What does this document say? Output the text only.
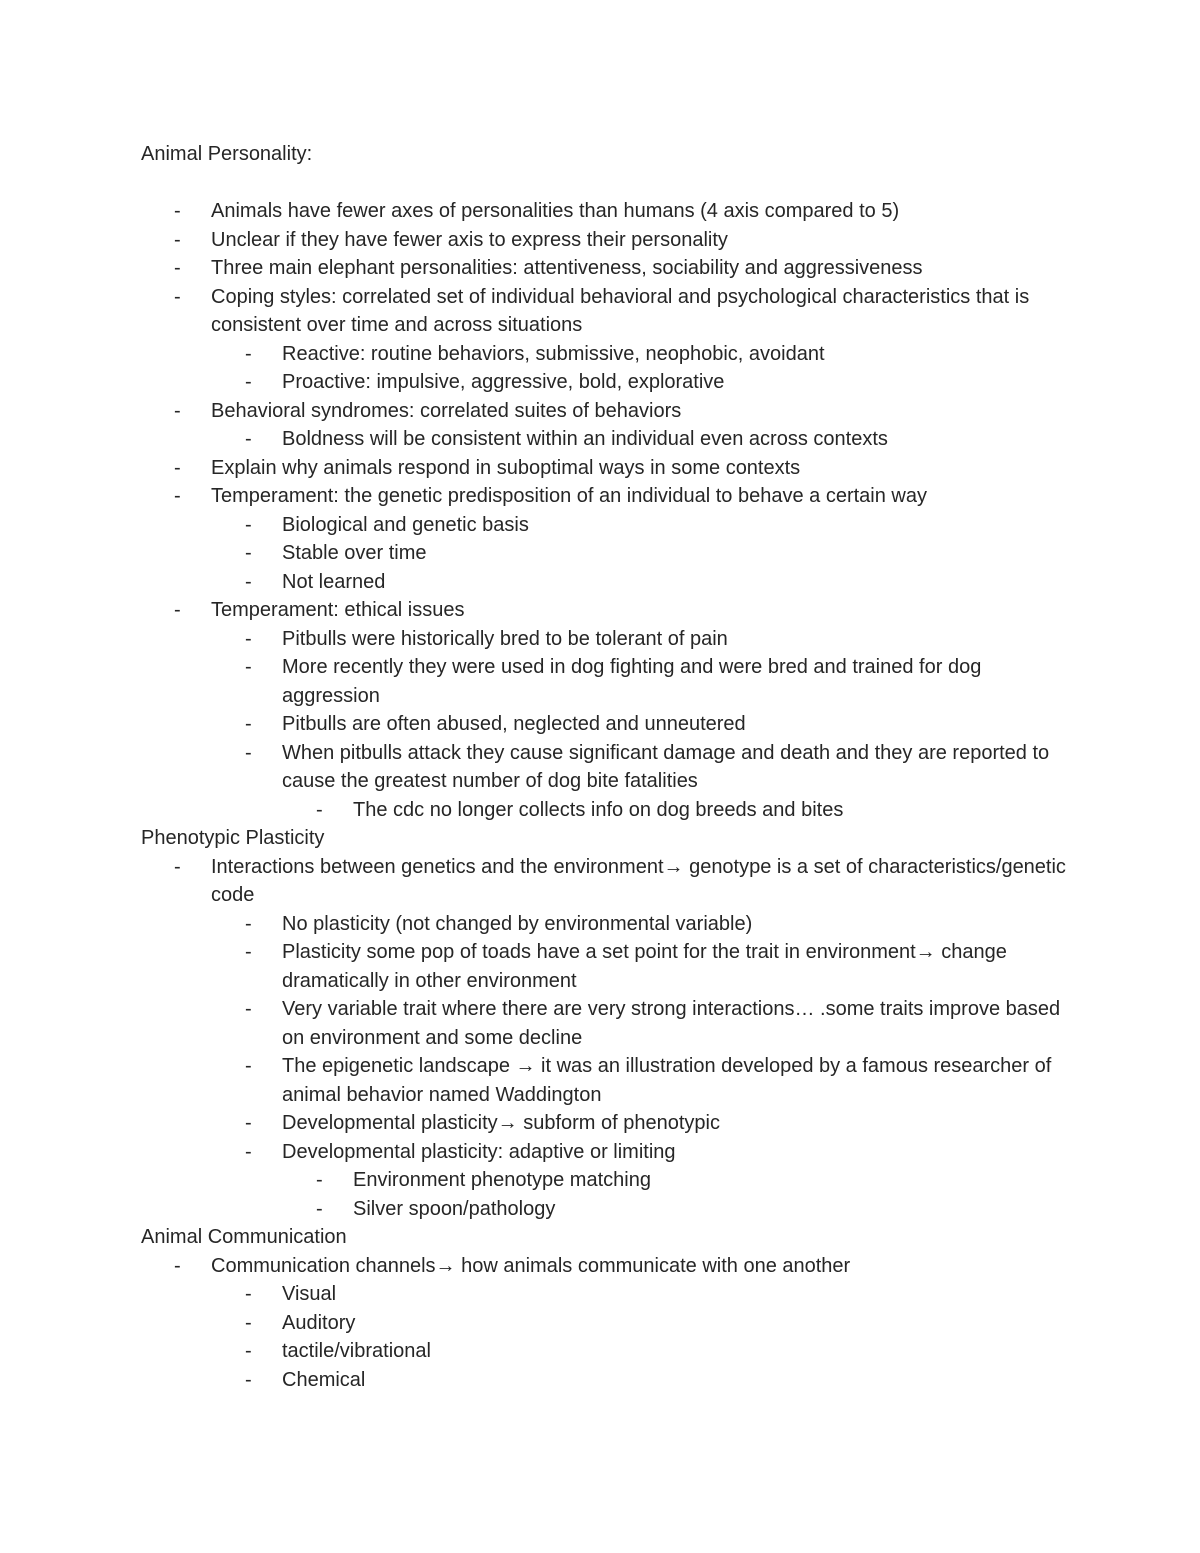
Animal Personality:
-	Animals have fewer axes of personalities than humans (4 axis compared to 5)
-	Unclear if they have fewer axis to express their personality
-	Three main elephant personalities: attentiveness, sociability and aggressiveness
-	Coping styles: correlated set of individual behavioral and psychological characteristics that is consistent over time and across situations
-	Reactive: routine behaviors, submissive, neophobic, avoidant
-	Proactive: impulsive, aggressive, bold, explorative
-	Behavioral syndromes: correlated suites of behaviors
-	Boldness will be consistent within an individual even across contexts
-	Explain why animals respond in suboptimal ways in some contexts
-	Temperament: the genetic predisposition of an individual to behave a certain way
-	Biological and genetic basis
-	Stable over time
-	Not learned
-	Temperament: ethical issues
-	Pitbulls were historically bred to be tolerant of pain
-	More recently they were used in dog fighting and were bred and trained for dog aggression
-	Pitbulls are often abused, neglected and unneutered
-	When pitbulls attack they cause significant damage and death and they are reported to cause the greatest number of dog bite fatalities
-	The cdc no longer collects info on dog breeds and bites
Phenotypic Plasticity
-	Interactions between genetics and the environment→ genotype is a set of characteristics/genetic code
-	No plasticity (not changed by environmental variable)
-	Plasticity some pop of toads have a set point for the trait in environment→ change dramatically in other environment
-	Very variable trait where there are very strong interactions… .some traits improve based on environment and some decline
-	The epigenetic landscape → it was an illustration developed by a famous researcher of animal behavior named Waddington
-	Developmental plasticity→ subform of phenotypic
-	Developmental plasticity: adaptive or limiting
-	Environment phenotype matching
-	Silver spoon/pathology
Animal Communication
-	Communication channels→ how animals communicate with one another
-	Visual
-	Auditory
-	tactile/vibrational
-	Chemical
